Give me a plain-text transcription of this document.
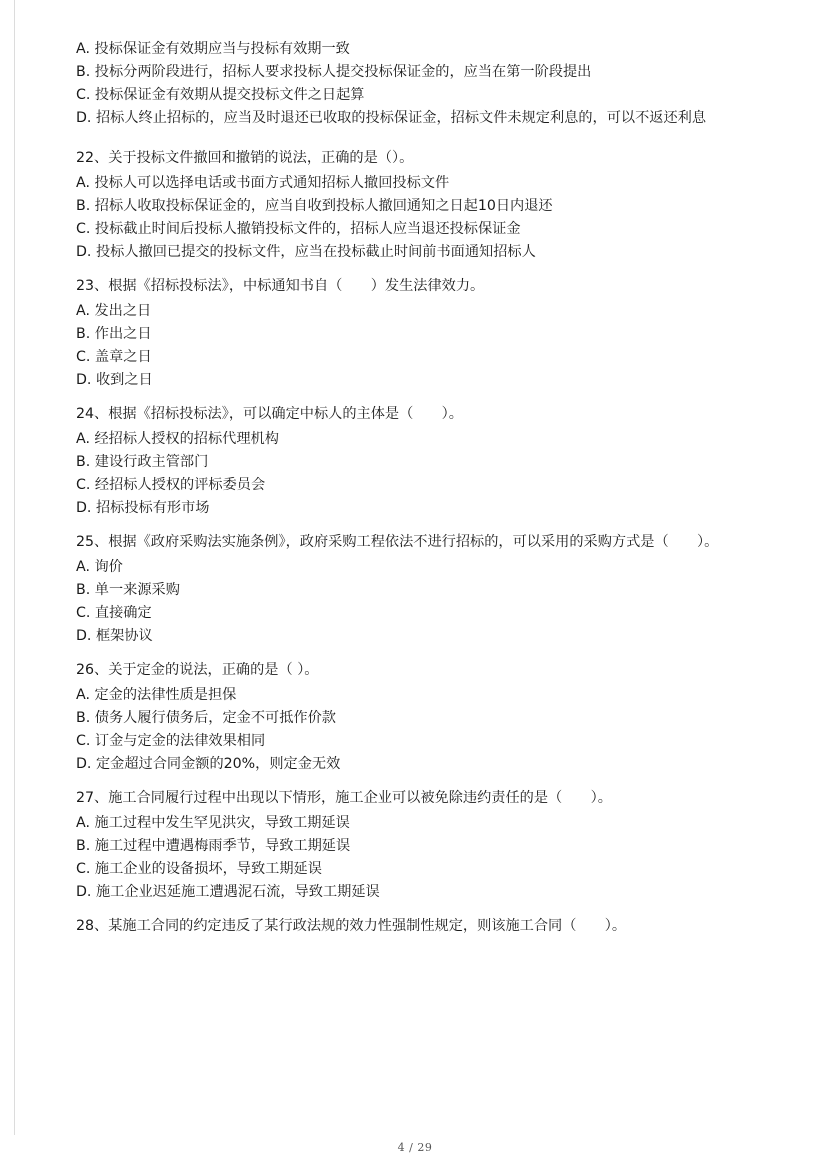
A. 投标保证金有效期应当与投标有效期一致

B. 投标分两阶段进行，招标人要求投标人提交投标保证金的，应当在第一阶段提出

C. 投标保证金有效期从提交投标文件之日起算

D. 招标人终止招标的，应当及时退还已收取的投标保证金，招标文件未规定利息的，可以不返还利息

22、关于投标文件撤回和撤销的说法，正确的是（）。

A. 投标人可以选择电话或书面方式通知招标人撤回投标文件

B. 招标人收取投标保证金的，应当自收到投标人撤回通知之日起10日内退还

C. 投标截止时间后投标人撤销投标文件的，招标人应当退还投标保证金

D. 投标人撤回已提交的投标文件，应当在投标截止时间前书面通知招标人

23、根据《招标投标法》，中标通知书自（　　）发生法律效力。

A. 发出之日

B. 作出之日

C. 盖章之日

D. 收到之日

24、根据《招标投标法》，可以确定中标人的主体是（　　）。

A. 经招标人授权的招标代理机构

B. 建设行政主管部门

C. 经招标人授权的评标委员会

D. 招标投标有形市场

25、根据《政府采购法实施条例》，政府采购工程依法不进行招标的，可以采用的采购方式是（　　）。

A. 询价

B. 单一来源采购

C. 直接确定

D. 框架协议

26、关于定金的说法，正确的是（ ）。

A. 定金的法律性质是担保

B. 债务人履行债务后，定金不可抵作价款

C. 订金与定金的法律效果相同

D. 定金超过合同金额的20%，则定金无效

27、施工合同履行过程中出现以下情形，施工企业可以被免除违约责任的是（　　）。

A. 施工过程中发生罕见洪灾，导致工期延误

B. 施工过程中遭遇梅雨季节，导致工期延误

C. 施工企业的设备损坏，导致工期延误

D. 施工企业迟延施工遭遇泥石流，导致工期延误

28、某施工合同的约定违反了某行政法规的效力性强制性规定，则该施工合同（　　）。

4 / 29
